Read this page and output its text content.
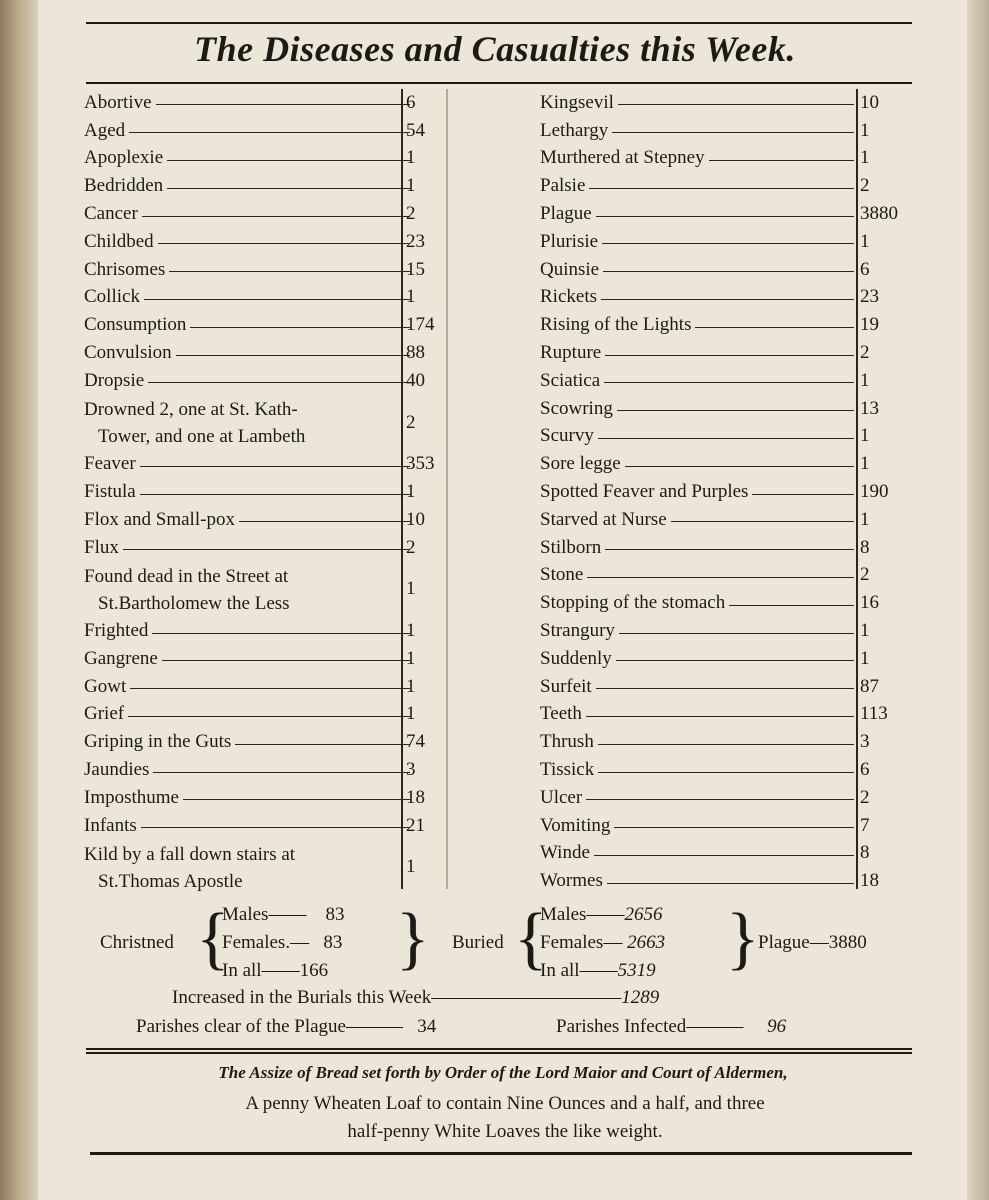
The Diseases and Casualties this Week.
Abortive
Aged
Apoplexie
Bedridden
Cancer
Childbed
Chrisomes
Collick
Consumption
Convulsion
Dropsie
Drowned 2, one at St. Kath-
Tower, and one at Lambeth
Feaver
Fistula
Flox and Small-pox
Flux
Found dead in the Street at
St.Bartholomew the Less
Frighted
Gangrene
Gowt
Grief
Griping in the Guts
Jaundies
Imposthume
Infants
Kild by a fall down stairs at
St.Thomas Apostle
6
54
1
1
2
23
15
1
174
88
40
2
353
1
10
2
1
1
1
1
1
74
3
18
21
1
Kingsevil
Lethargy
Murthered at Stepney
Palsie
Plague
Plurisie
Quinsie
Rickets
Rising of the Lights
Rupture
Sciatica
Scowring
Scurvy
Sore legge
Spotted Feaver and Purples
Starved at Nurse
Stilborn
Stone
Stopping of the stomach
Strangury
Suddenly
Surfeit
Teeth
Thrush
Tissick
Ulcer
Vomiting
Winde
Wormes
10
1
1
2
3880
1
6
23
19
2
1
13
1
1
190
1
8
2
16
1
1
87
113
3
6
2
7
8
18
Christned {
Males——    83
Females.—   83
In all——166 } Buried {
Males——2656
Females— 2663
In all——5319 }
Plague—3880
Increased in the Burials this Week——————————1289
Parishes clear of the Plague———   34	Parishes Infected———     96
The Assize of Bread set forth by Order of the Lord Maior and Court of Aldermen,
A penny Wheaten Loaf to contain Nine Ounces and a half, and three
half-penny White Loaves the like weight.
